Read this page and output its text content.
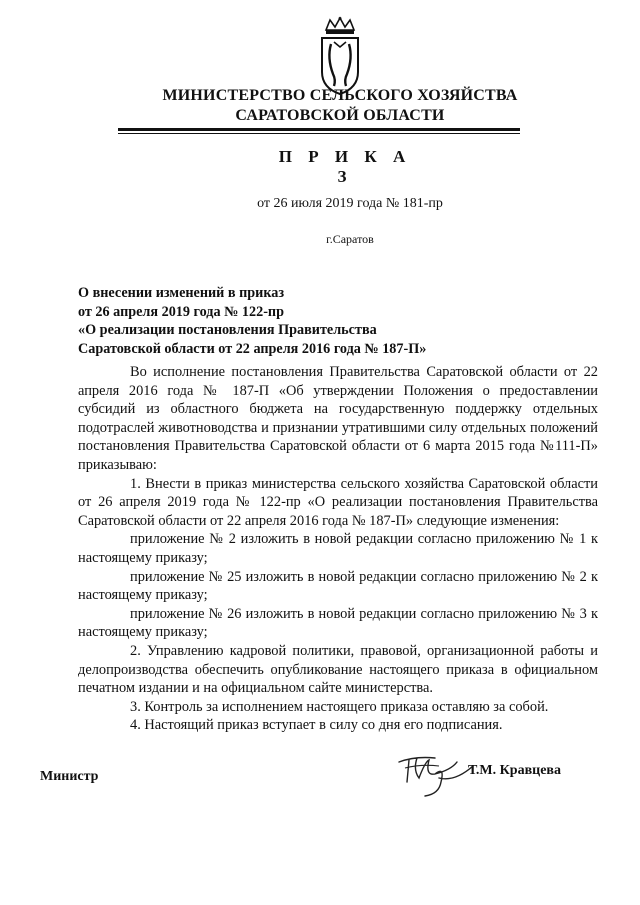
МИНИСТЕРСТВО СЕЛЬСКОГО ХОЗЯЙСТВА
САРАТОВСКОЙ ОБЛАСТИ
П Р И К А З
от 26 июля 2019 года № 181-пр
г.Саратов
О внесении изменений в приказ
от 26 апреля 2019 года № 122-пр
«О реализации постановления Правительства
Саратовской области от 22 апреля 2016 года № 187-П»

Во исполнение постановления Правительства Саратовской области от 22 апреля 2016 года № 187-П «Об утверждении Положения о предоставлении субсидий из областного бюджета на государственную поддержку отдельных подотраслей животноводства и признании утратившими силу отдельных положений постановления Правительства Саратовской области от 6 марта 2015 года №111-П» приказываю:

1. Внести в приказ министерства сельского хозяйства Саратовской области от 26 апреля 2019 года № 122-пр «О реализации постановления Правительства Саратовской области от 22 апреля 2016 года № 187-П» следующие изменения:

приложение № 2 изложить в новой редакции согласно приложению № 1 к настоящему приказу;

приложение № 25 изложить в новой редакции согласно приложению № 2 к настоящему приказу;

приложение № 26 изложить в новой редакции согласно приложению № 3 к настоящему приказу;

2. Управлению кадровой политики, правовой, организационной работы и делопроизводства обеспечить опубликование настоящего приказа в официальном печатном издании и на официальном сайте министерства.

3. Контроль за исполнением настоящего приказа оставляю за собой.

4. Настоящий приказ вступает в силу со дня его подписания.

Министр	Т.М. Кравцева
